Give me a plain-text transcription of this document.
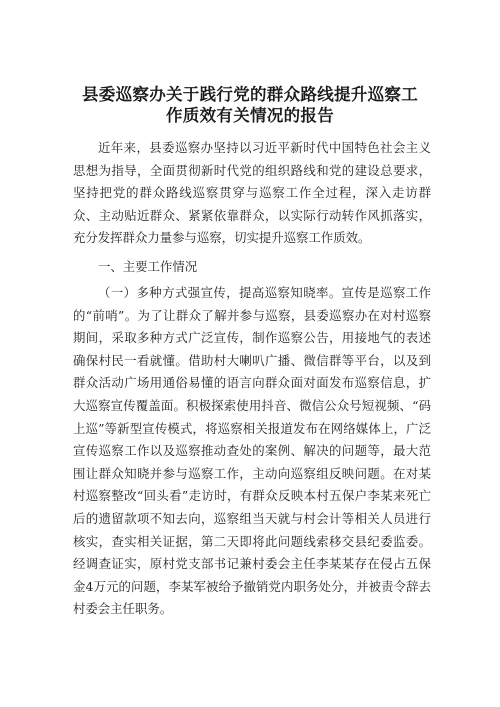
县委巡察办关于践行党的群众路线提升巡察工
作质效有关情况的报告

近年来，县委巡察办坚持以习近平新时代中国特色社会主义思想为指导，全面贯彻新时代党的组织路线和党的建设总要求，坚持把党的群众路线巡察贯穿与巡察工作全过程，深入走访群众、主动贴近群众、紧紧依靠群众，以实际行动转作风抓落实，充分发挥群众力量参与巡察，切实提升巡察工作质效。

一、主要工作情况

（一）多种方式强宣传，提高巡察知晓率。宣传是巡察工作的“前哨”。为了让群众了解并参与巡察，县委巡察办在对村巡察期间，采取多种方式广泛宣传，制作巡察公告，用接地气的表述确保村民一看就懂。借助村大喇叭广播、微信群等平台，以及到群众活动广场用通俗易懂的语言向群众面对面发布巡察信息，扩大巡察宣传覆盖面。积极探索使用抖音、微信公众号短视频、“码上巡”等新型宣传模式，将巡察相关报道发布在网络媒体上，广泛宣传巡察工作以及巡察推动查处的案例、解决的问题等，最大范围让群众知晓并参与巡察工作，主动向巡察组反映问题。在对某村巡察整改“回头看”走访时，有群众反映本村五保户李某来死亡后的遗留款项不知去向，巡察组当天就与村会计等相关人员进行核实，查实相关证据，第二天即将此问题线索移交县纪委监委。经调查证实，原村党支部书记兼村委会主任李某某存在侵占五保金4万元的问题，李某军被给予撤销党内职务处分，并被责令辞去村委会主任职务。
